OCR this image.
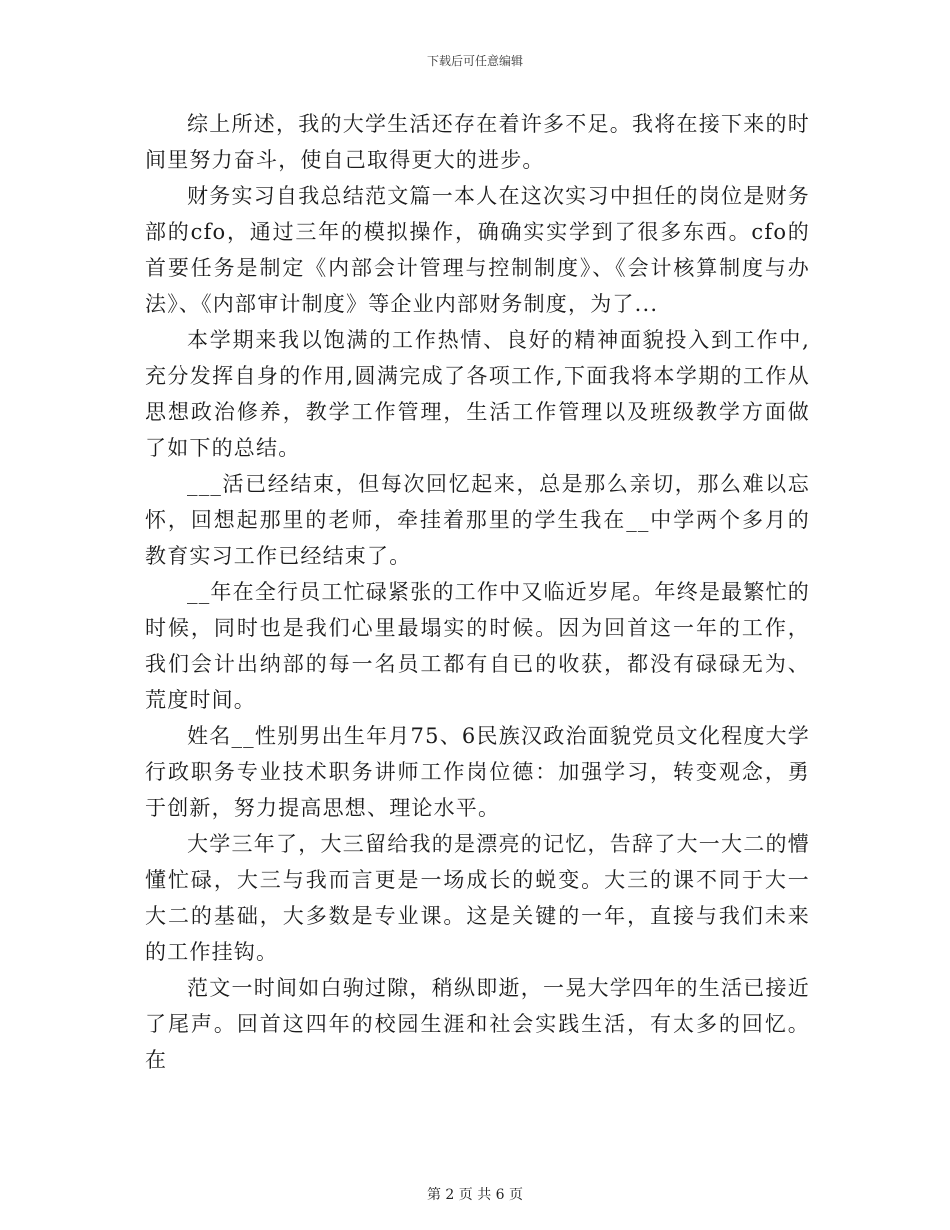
下载后可任意编辑

综上所述，我的大学生活还存在着许多不足。我将在接下来的时间里努力奋斗，使自己取得更大的进步。

财务实习自我总结范文篇一本人在这次实习中担任的岗位是财务部的cfo，通过三年的模拟操作，确确实实学到了很多东西。cfo的首要任务是制定《内部会计管理与控制制度》、《会计核算制度与办法》、《内部审计制度》等企业内部财务制度，为了...

本学期来我以饱满的工作热情、良好的精神面貌投入到工作中,充分发挥自身的作用,圆满完成了各项工作,下面我将本学期的工作从思想政治修养，教学工作管理，生活工作管理以及班级教学方面做了如下的总结。

___活已经结束，但每次回忆起来，总是那么亲切，那么难以忘怀，回想起那里的老师，牵挂着那里的学生我在__中学两个多月的教育实习工作已经结束了。

__年在全行员工忙碌紧张的工作中又临近岁尾。年终是最繁忙的时候，同时也是我们心里最塌实的时候。因为回首这一年的工作，我们会计出纳部的每一名员工都有自已的收获，都没有碌碌无为、荒度时间。

姓名__性别男出生年月75、6民族汉政治面貌党员文化程度大学行政职务专业技术职务讲师工作岗位德：加强学习，转变观念，勇于创新，努力提高思想、理论水平。

大学三年了，大三留给我的是漂亮的记忆，告辞了大一大二的懵懂忙碌，大三与我而言更是一场成长的蜕变。大三的课不同于大一大二的基础，大多数是专业课。这是关键的一年，直接与我们未来的工作挂钩。

范文一时间如白驹过隙，稍纵即逝，一晃大学四年的生活已接近了尾声。回首这四年的校园生涯和社会实践生活，有太多的回忆。在

第 2 页 共 6 页
